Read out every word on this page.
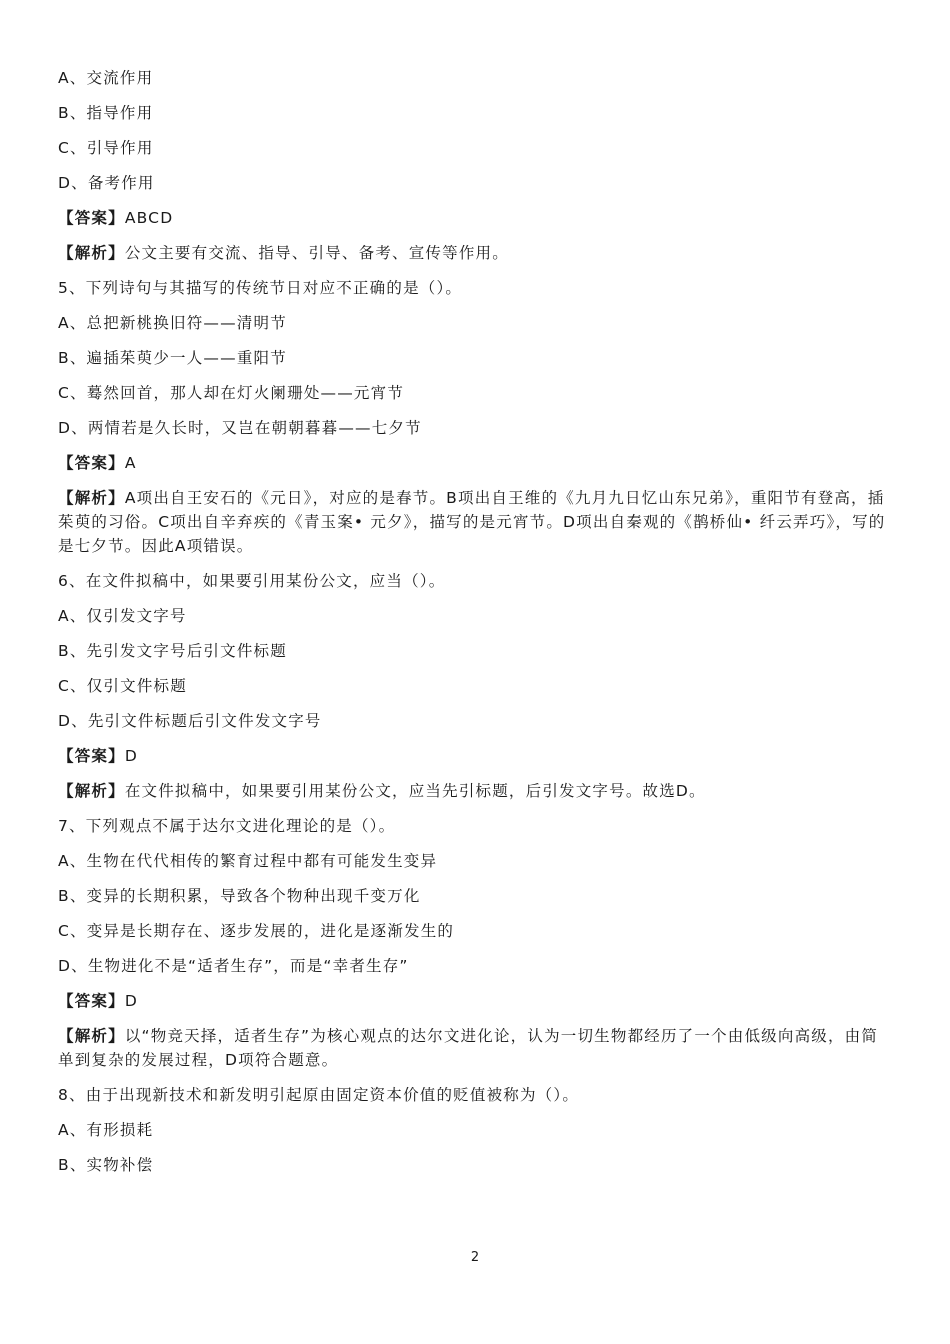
A、交流作用
B、指导作用
C、引导作用
D、备考作用
【答案】ABCD
【解析】公文主要有交流、指导、引导、备考、宣传等作用。
5、下列诗句与其描写的传统节日对应不正确的是（）。
A、总把新桃换旧符——清明节
B、遍插茱萸少一人——重阳节
C、蓦然回首，那人却在灯火阑珊处——元宵节
D、两情若是久长时，又岂在朝朝暮暮——七夕节
【答案】A
【解析】A项出自王安石的《元日》，对应的是春节。B项出自王维的《九月九日忆山东兄弟》，重阳节有登高，插茱萸的习俗。C项出自辛弃疾的《青玉案• 元夕》，描写的是元宵节。D项出自秦观的《鹊桥仙• 纤云弄巧》，写的是七夕节。因此A项错误。
6、在文件拟稿中，如果要引用某份公文，应当（）。
A、仅引发文字号
B、先引发文字号后引文件标题
C、仅引文件标题
D、先引文件标题后引文件发文字号
【答案】D
【解析】在文件拟稿中，如果要引用某份公文，应当先引标题，后引发文字号。故选D。
7、下列观点不属于达尔文进化理论的是（）。
A、生物在代代相传的繁育过程中都有可能发生变异
B、变异的长期积累，导致各个物种出现千变万化
C、变异是长期存在、逐步发展的，进化是逐渐发生的
D、生物进化不是“适者生存”，而是“幸者生存”
【答案】D
【解析】以“物竞天择，适者生存”为核心观点的达尔文进化论，认为一切生物都经历了一个由低级向高级，由简单到复杂的发展过程，D项符合题意。
8、由于出现新技术和新发明引起原由固定资本价值的贬值被称为（）。
A、有形损耗
B、实物补偿
2
